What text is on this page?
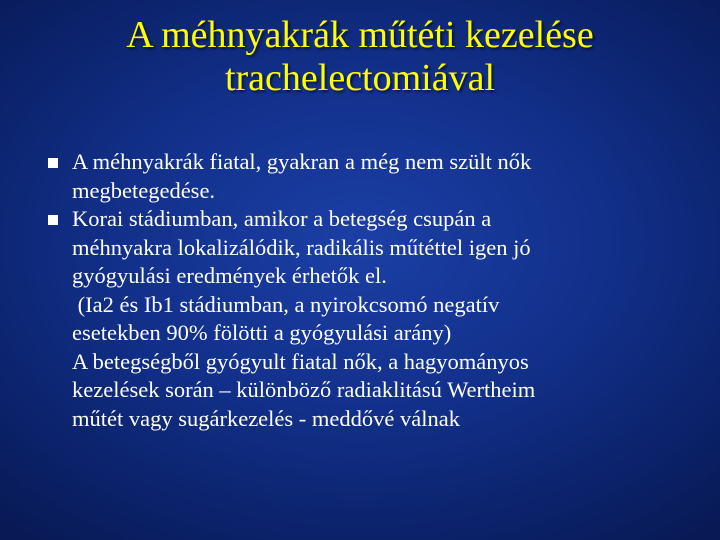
A méhnyakrák műtéti kezelése
trachelectomiával
A méhnyakrák fiatal, gyakran a még nem szült nők
megbetegedése.
Korai stádiumban, amikor a betegség csupán a
méhnyakra lokalizálódik, radikális műtéttel igen jó
gyógyulási eredmények érhetők el.
(Ia2 és Ib1 stádiumban, a nyirokcsomó negatív
esetekben 90% fölötti a gyógyulási arány)
A betegségből gyógyult fiatal nők, a hagyományos
kezelések során – különböző radiaklitású Wertheim
műtét vagy sugárkezelés - meddővé válnak
